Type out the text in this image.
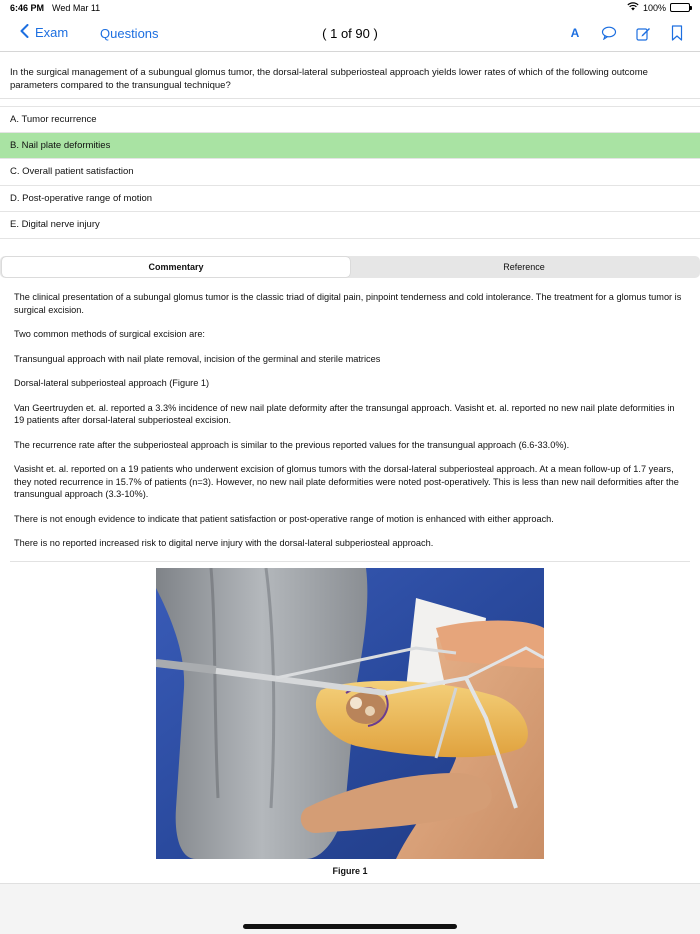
6:46 PM Wed Mar 11	100%
Exam Questions	( 1 of 90 )	A
In the surgical management of a subungual glomus tumor, the dorsal-lateral subperiosteal approach yields lower rates of which of the following outcome parameters compared to the transungual technique?
A. Tumor recurrence
B. Nail plate deformities
C. Overall patient satisfaction
D. Post-operative range of motion
E. Digital nerve injury
Commentary	Reference

The clinical presentation of a subungal glomus tumor is the classic triad of digital pain, pinpoint tenderness and cold intolerance. The treatment for a glomus tumor is surgical excision.

Two common methods of surgical excision are:

Transungual approach with nail plate removal, incision of the germinal and sterile matrices

Dorsal-lateral subperiosteal approach (Figure 1)

Van Geertruyden et. al. reported a 3.3% incidence of new nail plate deformity after the transungal approach. Vasisht et. al. reported no new nail plate deformities in 19 patients after dorsal-lateral subperiosteal excision.

The recurrence rate after the subperiosteal approach is similar to the previous reported values for the transungual approach (6.6-33.0%).

Vasisht et. al. reported on a 19 patients who underwent excision of glomus tumors with the dorsal-lateral subperiosteal approach. At a mean follow-up of 1.7 years, they noted recurrence in 15.7% of patients (n=3). However, no new nail plate deformities were noted post-operatively. This is less than new nail deformities after the transungual approach (3.3-10%).

There is not enough evidence to indicate that patient satisfaction or post-operative range of motion is enhanced with either approach.

There is no reported increased risk to digital nerve injury with the dorsal-lateral subperiosteal approach.

Figure 1
